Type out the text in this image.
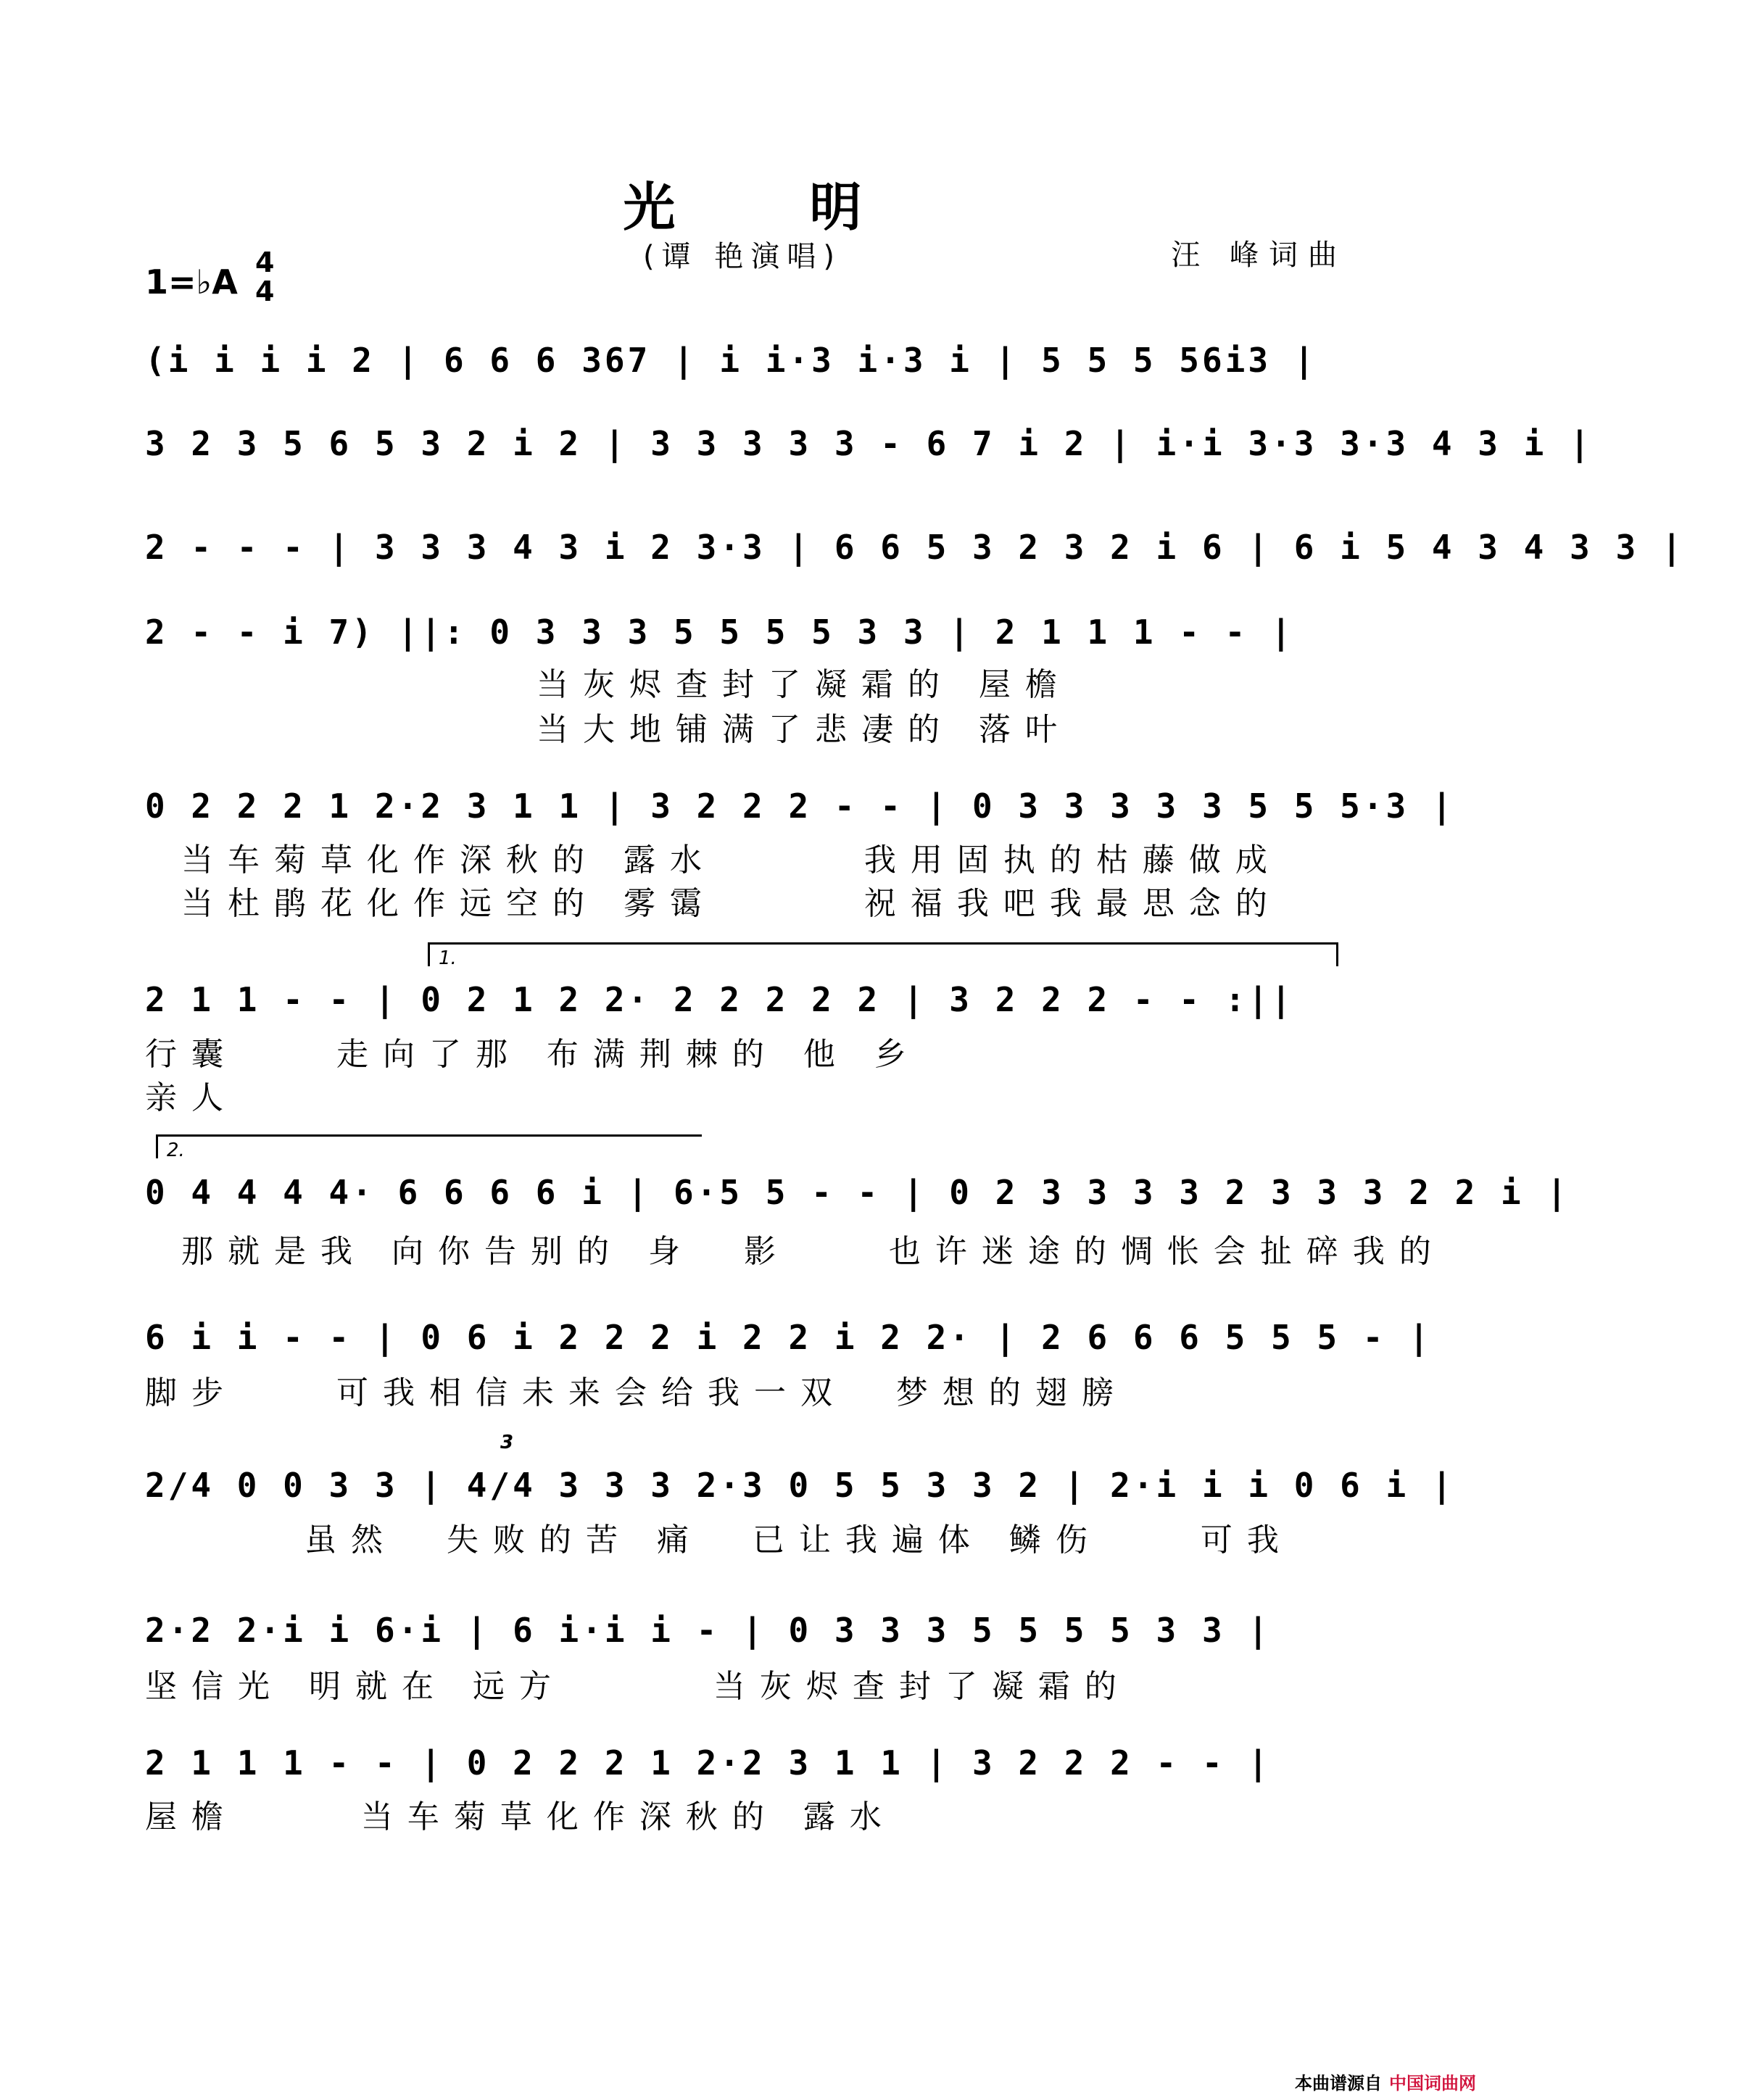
光 明
(谭 艳演唱)	汪 峰词曲
1=♭A 4
4
(i i i i 2 | 6 6 6 367 | i i·3 i·3 i | 5 5 5 56i3 |
3 2 3 5 6 5 3 2 i 2 | 3 3 3 3 3 - 6 7 i 2 | i·i 3·3 3·3 4 3 i |
2 - - - | 3 3 3 4 3 i 2 3·3 | 6 6 5 3 2 3 2 i 6 | 6 i 5 4 3 4 3 3 |
2 - - i 7) ||: 0 3 3 3 5 5 5 5 3 3 | 2 1 1 1 - - |
当灰烬查封了凝霜的 屋檐
当大地铺满了悲凄的 落叶
0 2 2 2 1 2·2 3 1 1 | 3 2 2 2 - - | 0 3 3 3 3 3 5 5 5·3 |
当车菊草化作深秋的 露水      我用固执的枯藤做成
当杜鹃花化作远空的 雾霭      祝福我吧我最思念的
1.
2 1 1 - - | 0 2 1 2 2· 2 2 2 2 2 | 3 2 2 2 - - :||
行囊    走向了那 布满荆棘的 他 乡
亲人
2.
0 4 4 4 4· 6 6 6 6 i | 6·5 5 - - | 0 2 3 3 3 3 2 3 3 3 2 2 i |
那就是我 向你告别的 身  影    也许迷途的惆怅会扯碎我的
6 i i - - | 0 6 i 2 2 2 i 2 2 i 2 2· | 2 6 6 6 5 5 5 - |
脚步    可我相信未来会给我一双  梦想的翅膀
3
2/4 0 0 3 3 | 4/4 3 3 3 2·3 0 5 5 3 3 2 | 2·i i i 0 6 i |
虽然  失败的苦 痛  已让我遍体 鳞伤    可我
2·2 2·i i 6·i | 6 i·i i - | 0 3 3 3 5 5 5 5 3 3 |
坚信光 明就在 远方      当灰烬查封了凝霜的
2 1 1 1 - - | 0 2 2 2 1 2·2 3 1 1 | 3 2 2 2 - - |
屋檐     当车菊草化作深秋的 露水
本曲谱源自 中国词曲网
